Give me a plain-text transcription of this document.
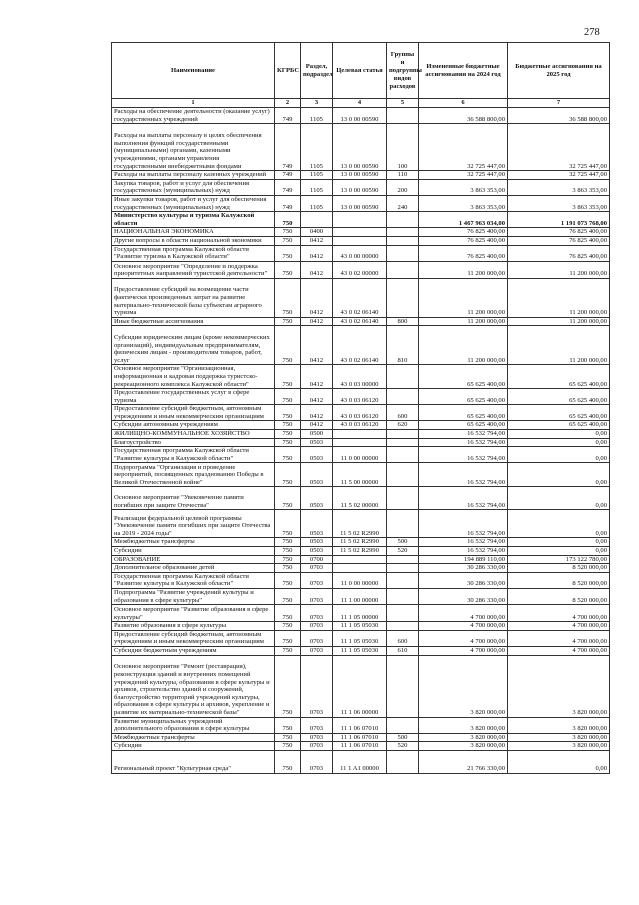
278
Наименование	КГРБС	Раздел, подраздел	Целевая статья	Группы и подгруппы видов расходов	Измененные бюджетные ассигнования на 2024 год	Бюджетные ассигнования на 2025 год
1	2	3	4	5	6	7
Расходы на обеспечение деятельности (оказание услуг) государственных учреждений	749	1105	13 0 00 00590		36 588 800,00	36 588 800,00
Расходы на выплаты персоналу в целях обеспечения выполнения функций государственными (муниципальными) органами, казенными учреждениями, органами управления государственными внебюджетными фондами	749	1105	13 0 00 00590	100	32 725 447,00	32 725 447,00
Расходы на выплаты персоналу казенных учреждений	749	1105	13 0 00 00590	110	32 725 447,00	32 725 447,00
Закупка товаров, работ и услуг для обеспечения государственных (муниципальных) нужд	749	1105	13 0 00 00590	200	3 863 353,00	3 863 353,00
Иные закупки товаров, работ и услуг для обеспечения государственных (муниципальных) нужд	749	1105	13 0 00 00590	240	3 863 353,00	3 863 353,00
Министерство культуры и туризма Калужской области	750				1 467 963 034,00	1 191 073 768,00
НАЦИОНАЛЬНАЯ ЭКОНОМИКА	750	0400			76 825 400,00	76 825 400,00
Другие вопросы в области национальной экономики	750	0412			76 825 400,00	76 825 400,00
Государственная программа Калужской области "Развитие туризма в Калужской области"	750	0412	43 0 00 00000		76 825 400,00	76 825 400,00
Основное мероприятие "Определение и поддержка приоритетных направлений туристской деятельности"	750	0412	43 0 02 00000		11 200 000,00	11 200 000,00
Предоставление субсидий на возмещение части фактически произведенных затрат на развитие материально-технической базы субъектам аграрного туризма	750	0412	43 0 02 06140		11 200 000,00	11 200 000,00
Иные бюджетные ассигнования	750	0412	43 0 02 06140	800	11 200 000,00	11 200 000,00
Субсидии юридическим лицам (кроме некоммерческих организаций), индивидуальным предпринимателям, физическим лицам - производителям товаров, работ, услуг	750	0412	43 0 02 06140	810	11 200 000,00	11 200 000,00
Основное мероприятие "Организационная, информационная и кадровая поддержка туристско-рекреационного комплекса Калужской области"	750	0412	43 0 03 00000		65 625 400,00	65 625 400,00
Предоставление государственных услуг в сфере туризма	750	0412	43 0 03 06120		65 625 400,00	65 625 400,00
Предоставление субсидий бюджетным, автономным учреждениям и иным некоммерческим организациям	750	0412	43 0 03 06120	600	65 625 400,00	65 625 400,00
Субсидии автономным учреждениям	750	0412	43 0 03 06120	620	65 625 400,00	65 625 400,00
ЖИЛИЩНО-КОММУНАЛЬНОЕ ХОЗЯЙСТВО	750	0500			16 532 794,00	0,00
Благоустройство	750	0503			16 532 794,00	0,00
Государственная программа Калужской области "Развитие культуры в Калужской области"	750	0503	11 0 00 00000		16 532 794,00	0,00
Подпрограмма "Организация и проведение мероприятий, посвященных празднованию Победы в Великой Отечественной войне"	750	0503	11 5 00 00000		16 532 794,00	0,00
Основное мероприятие "Увековечение памяти погибших при защите Отечества"	750	0503	11 5 02 00000		16 532 794,00	0,00
Реализация федеральной целевой программы "Увековечение памяти погибших при защите Отечества на 2019 - 2024 годы"	750	0503	11 5 02 R2990		16 532 794,00	0,00
Межбюджетные трансферты	750	0503	11 5 02 R2990	500	16 532 794,00	0,00
Субсидии	750	0503	11 5 02 R2990	520	16 532 794,00	0,00
ОБРАЗОВАНИЕ	750	0700			194 889 110,00	173 122 780,00
Дополнительное образование детей	750	0703			30 286 330,00	8 520 000,00
Государственная программа Калужской области "Развитие культуры в Калужской области"	750	0703	11 0 00 00000		30 286 330,00	8 520 000,00
Подпрограмма "Развитие учреждений культуры и образования в сфере культуры"	750	0703	11 1 00 00000		30 286 330,00	8 520 000,00
Основное мероприятие "Развитие образования в сфере культуры"	750	0703	11 1 05 00000		4 700 000,00	4 700 000,00
Развитие образования в сфере культуры	750	0703	11 1 05 05030		4 700 000,00	4 700 000,00
Предоставление субсидий бюджетным, автономным учреждениям и иным некоммерческим организациям	750	0703	11 1 05 05030	600	4 700 000,00	4 700 000,00
Субсидии бюджетным учреждениям	750	0703	11 1 05 05030	610	4 700 000,00	4 700 000,00
Основное мероприятие "Ремонт (реставрация), реконструкция зданий и внутренних помещений учреждений культуры, образования в сфере культуры и архивов, строительство зданий и сооружений, благоустройство территорий учреждений культуры, образования в сфере культуры и архивов, укрепление и развитие их материально-технической базы"	750	0703	11 1 06 00000		3 820 000,00	3 820 000,00
Развитие муниципальных учреждений дополнительного образования в сфере культуры	750	0703	11 1 06 07010		3 820 000,00	3 820 000,00
Межбюджетные трансферты	750	0703	11 1 06 07010	500	3 820 000,00	3 820 000,00
Субсидии	750	0703	11 1 06 07010	520	3 820 000,00	3 820 000,00
Региональный проект "Культурная среда"	750	0703	11 1 A1 00000		21 766 330,00	0,00
